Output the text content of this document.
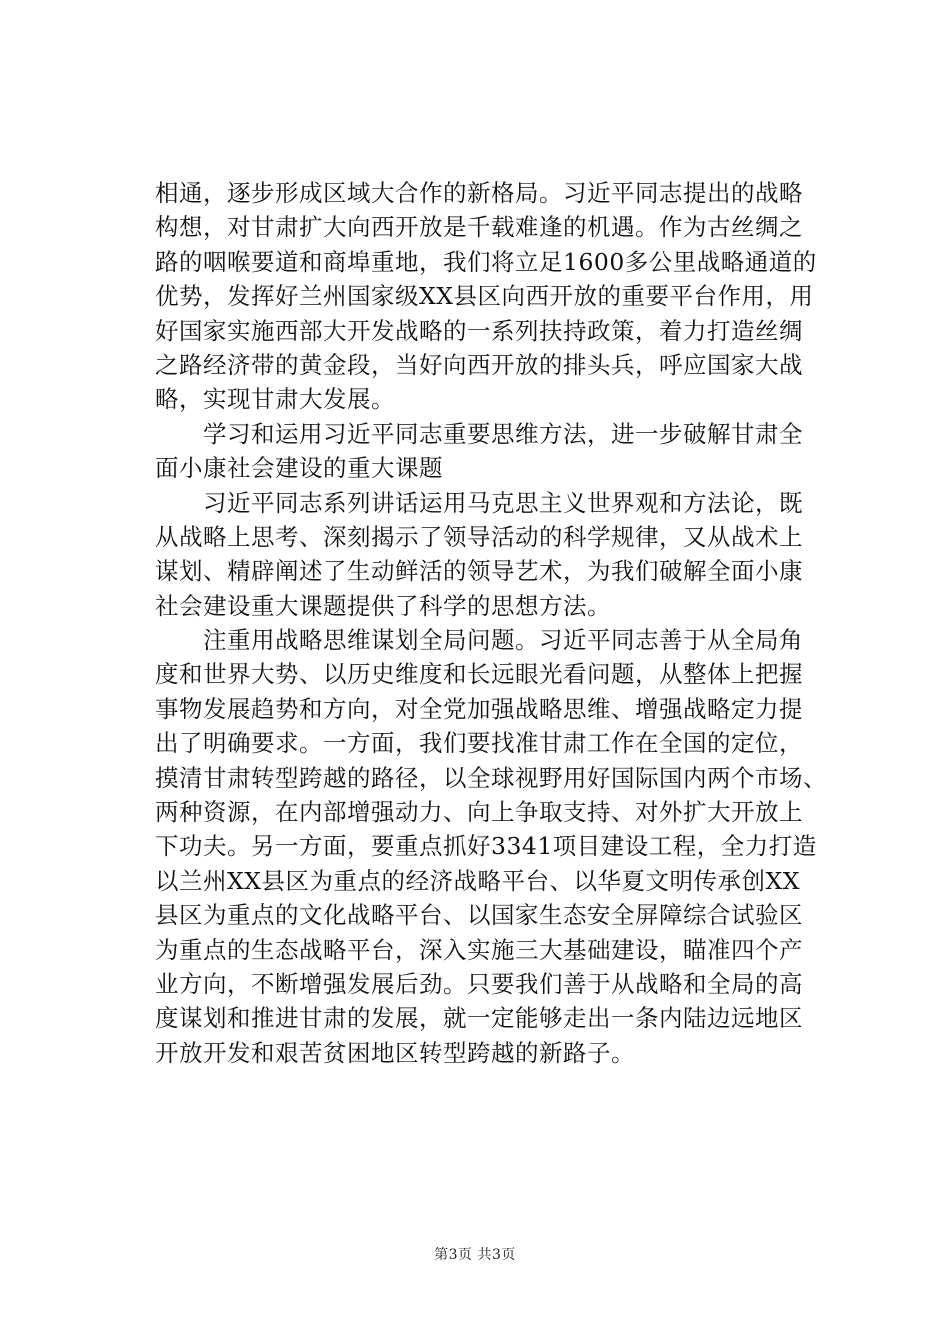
相通，逐步形成区域大合作的新格局。习近平同志提出的战略
构想，对甘肃扩大向西开放是千载难逢的机遇。作为古丝绸之
路的咽喉要道和商埠重地，我们将立足1600多公里战略通道的
优势，发挥好兰州国家级XX县区向西开放的重要平台作用，用
好国家实施西部大开发战略的一系列扶持政策，着力打造丝绸
之路经济带的黄金段，当好向西开放的排头兵，呼应国家大战
略，实现甘肃大发展。
　　学习和运用习近平同志重要思维方法，进一步破解甘肃全
面小康社会建设的重大课题
　　习近平同志系列讲话运用马克思主义世界观和方法论，既
从战略上思考、深刻揭示了领导活动的科学规律，又从战术上
谋划、精辟阐述了生动鲜活的领导艺术，为我们破解全面小康
社会建设重大课题提供了科学的思想方法。
　　注重用战略思维谋划全局问题。习近平同志善于从全局角
度和世界大势、以历史维度和长远眼光看问题，从整体上把握
事物发展趋势和方向，对全党加强战略思维、增强战略定力提
出了明确要求。一方面，我们要找准甘肃工作在全国的定位，
摸清甘肃转型跨越的路径，以全球视野用好国际国内两个市场、
两种资源，在内部增强动力、向上争取支持、对外扩大开放上
下功夫。另一方面，要重点抓好3341项目建设工程，全力打造
以兰州XX县区为重点的经济战略平台、以华夏文明传承创XX
县区为重点的文化战略平台、以国家生态安全屏障综合试验区
为重点的生态战略平台，深入实施三大基础建设，瞄准四个产
业方向，不断增强发展后劲。只要我们善于从战略和全局的高
度谋划和推进甘肃的发展，就一定能够走出一条内陆边远地区
开放开发和艰苦贫困地区转型跨越的新路子。
第3页 共3页
